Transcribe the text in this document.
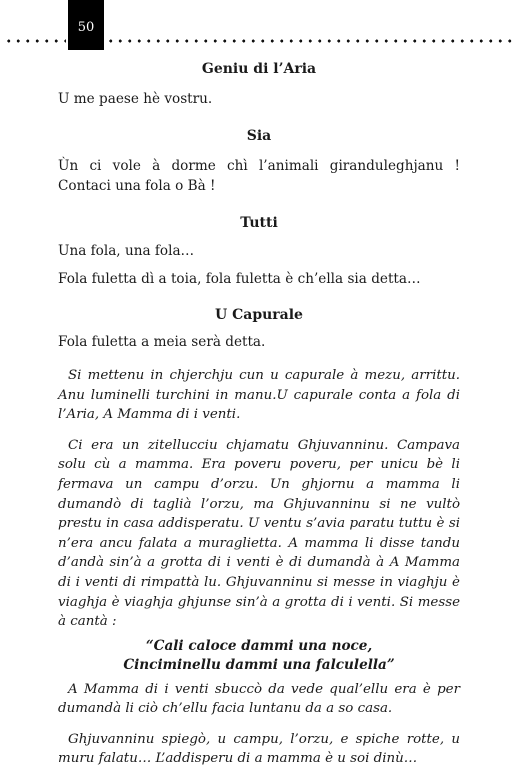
50

Geniu di l’Aria

U me paese hè vostru.

Sia

Ùn ci vole à dorme chì l’animali giranduleghjanu ! Contaci una fola o Bà !

Tutti

Una fola, una fola…

Fola fuletta dì a toia, fola fuletta è ch’ella sia detta…

U Capurale

Fola fuletta a meia serà detta.

Si mettenu in chjerchju cun u capurale à mezu, arrittu. Anu luminelli turchini in manu.U capurale conta a fola di l’Aria, A Mamma di i venti.

Ci era un zitellucciu chjamatu Ghjuvanninu. Campava solu cù a mamma. Era poveru poveru, per unicu bè li fermava un campu d’orzu. Un ghjornu a mamma li dumandò di taglià l’orzu, ma Ghjuvanninu si ne vultò prestu in casa addisperatu. U ventu s’avia paratu tuttu è si n’era ancu falata a muraglietta. A mamma li disse tandu d’andà sin’à a grotta di i venti è di dumandà à A Mamma di i venti di rimpattà lu. Ghjuvanninu si messe in viaghju è viaghja è viaghja ghjunse sin’à a grotta di i venti. Si messe à cantà :

“Cali caloce dammi una noce,

Cinciminellu dammi una falculella”

A Mamma di i venti sbuccò da vede qual’ellu era è per dumandà li ciò ch’ellu facia luntanu da a so casa.

Ghjuvanninu spiegò, u campu, l’orzu, e spiche rotte, u muru falatu… L’addisperu di a mamma è u soi dinù…
